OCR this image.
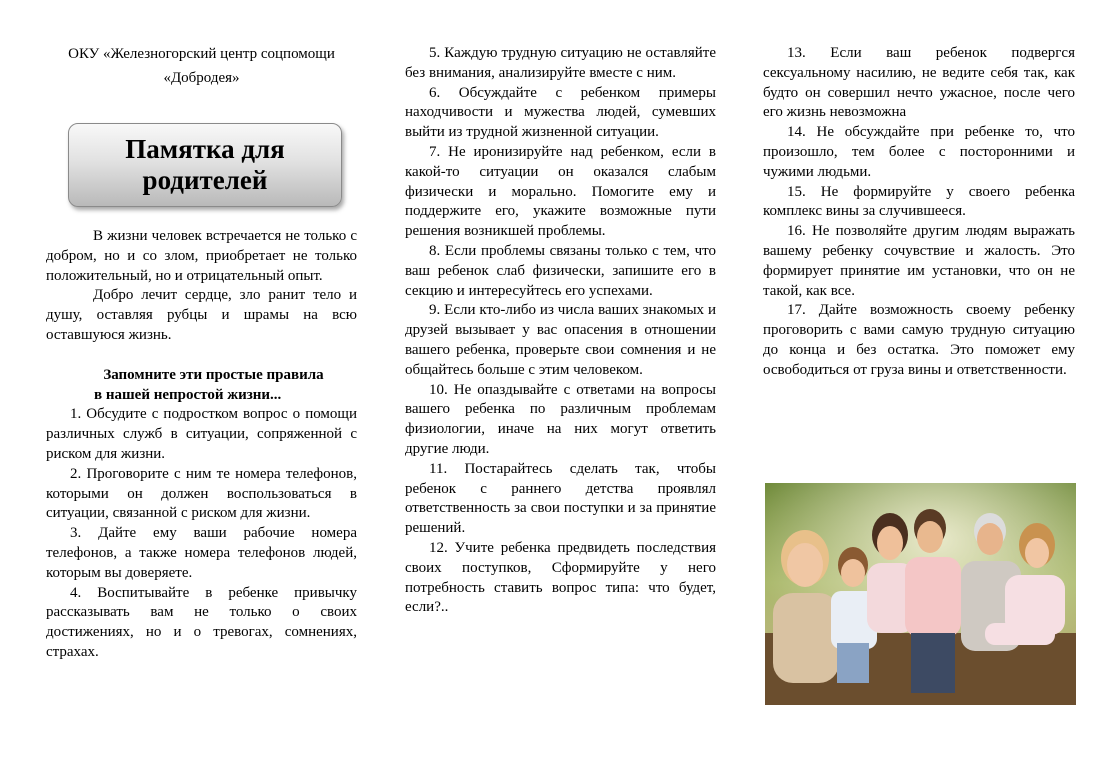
ОКУ «Железногорский центр соцпомощи
«Добродея»
Памятка для
родителей

В жизни человек встречается не только с добром, но и со злом, приобретает не только положительный, но и отрицательный опыт.

Добро лечит сердце, зло ранит тело и душу, оставляя рубцы и шрамы на всю оставшуюся жизнь.

Запомните эти простые правила

в нашей непростой жизни...

1. Обсудите с подростком вопрос о помощи различных служб в ситуации, сопряженной с риском для жизни.

2. Проговорите с ним те номера телефонов, которыми он должен воспользоваться в ситуации, связанной с риском для жизни.

3. Дайте ему ваши рабочие номера телефонов, а также номера телефонов людей, которым вы доверяете.

4. Воспитывайте в ребенке привычку рассказывать вам не только о своих достижениях, но и о тревогах, сомнениях, страхах.

5. Каждую трудную ситуацию не оставляйте без внимания, анализируйте вместе с ним.

6. Обсуждайте с ребенком примеры находчивости и мужества людей, сумевших выйти из трудной жизненной ситуации.

7. Не иронизируйте над ребенком, если в какой-то ситуации он оказался слабым физически и морально. Помогите ему и поддержите его, укажите возможные пути решения возникшей проблемы.

8. Если проблемы связаны только с тем, что ваш ребенок слаб физически, запишите его в секцию и интересуйтесь его успехами.

9. Если кто-либо из числа ваших знакомых и друзей вызывает у вас опасения в отношении вашего ребенка, проверьте свои сомнения и не общайтесь больше с этим человеком.

10. Не опаздывайте с ответами на вопросы вашего ребенка по различным проблемам физиологии, иначе на них могут ответить другие люди.

11. Постарайтесь сделать так, чтобы ребенок с раннего детства проявлял ответственность за свои поступки и за принятие решений.

12. Учите ребенка предвидеть последствия своих поступков, Сформируйте у него потребность ставить вопрос типа: что будет, если?..

13. Если ваш ребенок подвергся сексуальному насилию, не ведите себя так, как будто он совершил нечто ужасное, после чего его жизнь невозможна

14. Не обсуждайте при ребенке то, что произошло, тем более с посторонними и чужими людьми.

15. Не формируйте у своего ребенка комплекс вины за случившееся.

16. Не позволяйте другим людям выражать вашему ребенку сочувствие и жалость. Это формирует принятие им установки, что он не такой, как все.

17. Дайте возможность своему ребенку проговорить с вами самую трудную ситуацию до конца и без остатка. Это поможет ему освободиться от груза вины и ответственности.
